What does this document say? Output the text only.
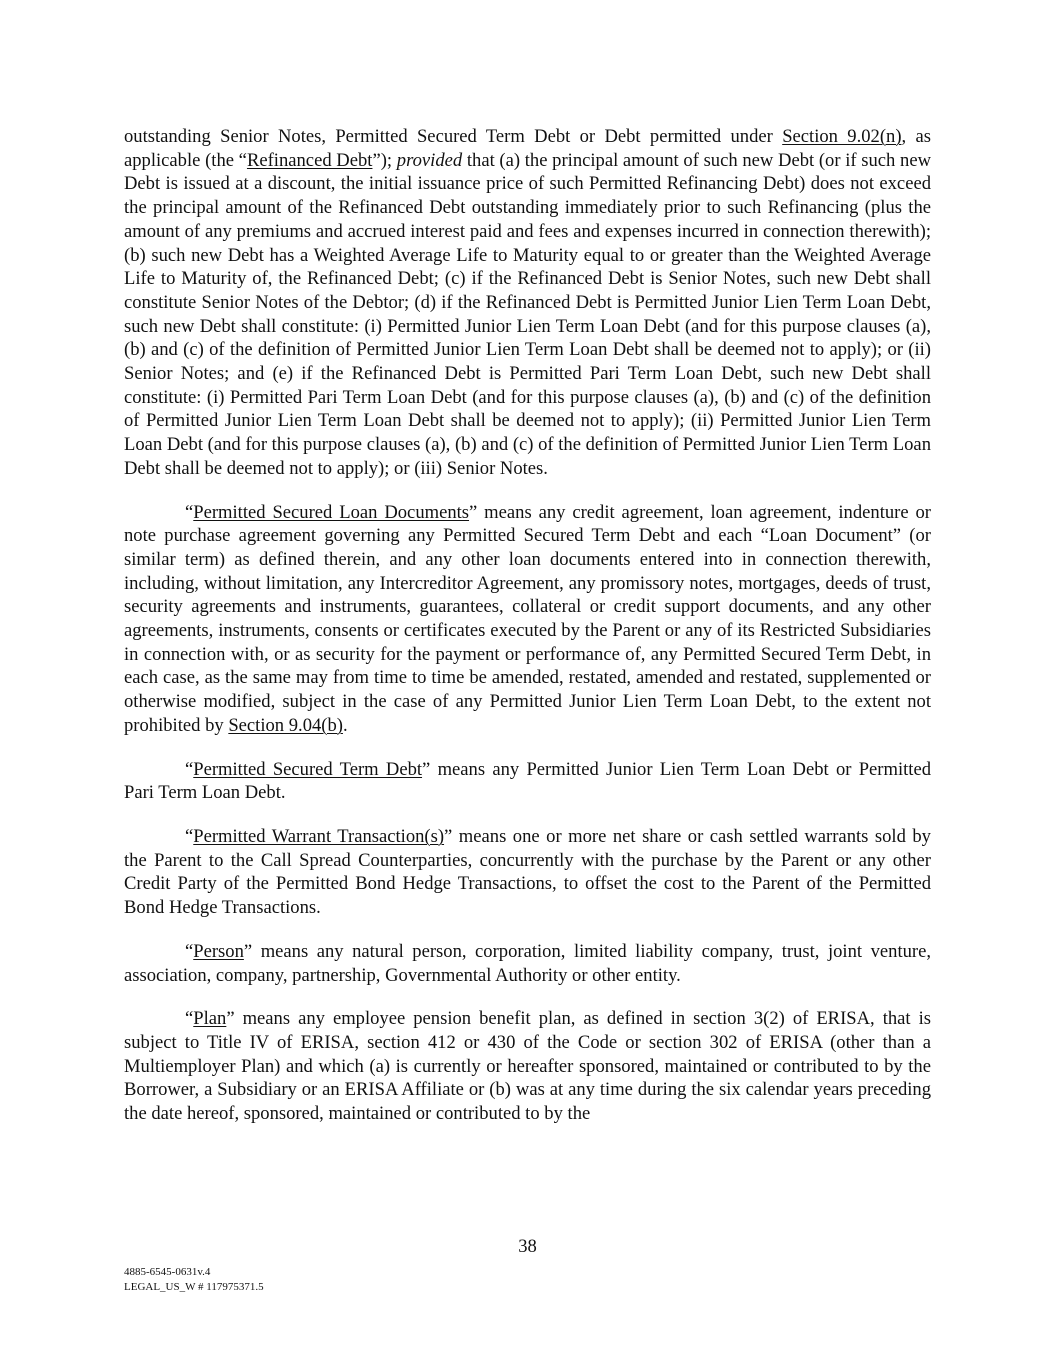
outstanding Senior Notes, Permitted Secured Term Debt or Debt permitted under Section 9.02(n), as applicable (the “Refinanced Debt”); provided that (a) the principal amount of such new Debt (or if such new Debt is issued at a discount, the initial issuance price of such Permitted Refinancing Debt) does not exceed the principal amount of the Refinanced Debt outstanding immediately prior to such Refinancing (plus the amount of any premiums and accrued interest paid and fees and expenses incurred in connection therewith); (b) such new Debt has a Weighted Average Life to Maturity equal to or greater than the Weighted Average Life to Maturity of, the Refinanced Debt; (c) if the Refinanced Debt is Senior Notes, such new Debt shall constitute Senior Notes of the Debtor; (d) if the Refinanced Debt is Permitted Junior Lien Term Loan Debt, such new Debt shall constitute: (i) Permitted Junior Lien Term Loan Debt (and for this purpose clauses (a), (b) and (c) of the definition of Permitted Junior Lien Term Loan Debt shall be deemed not to apply); or (ii) Senior Notes; and (e) if the Refinanced Debt is Permitted Pari Term Loan Debt, such new Debt shall constitute: (i) Permitted Pari Term Loan Debt (and for this purpose clauses (a), (b) and (c) of the definition of Permitted Junior Lien Term Loan Debt shall be deemed not to apply); (ii) Permitted Junior Lien Term Loan Debt (and for this purpose clauses (a), (b) and (c) of the definition of Permitted Junior Lien Term Loan Debt shall be deemed not to apply); or (iii) Senior Notes.

“Permitted Secured Loan Documents” means any credit agreement, loan agreement, indenture or note purchase agreement governing any Permitted Secured Term Debt and each “Loan Document” (or similar term) as defined therein, and any other loan documents entered into in connection therewith, including, without limitation, any Intercreditor Agreement, any promissory notes, mortgages, deeds of trust, security agreements and instruments, guarantees, collateral or credit support documents, and any other agreements, instruments, consents or certificates executed by the Parent or any of its Restricted Subsidiaries in connection with, or as security for the payment or performance of, any Permitted Secured Term Debt, in each case, as the same may from time to time be amended, restated, amended and restated, supplemented or otherwise modified, subject in the case of any Permitted Junior Lien Term Loan Debt, to the extent not prohibited by Section 9.04(b).

“Permitted Secured Term Debt” means any Permitted Junior Lien Term Loan Debt or Permitted Pari Term Loan Debt.

“Permitted Warrant Transaction(s)” means one or more net share or cash settled warrants sold by the Parent to the Call Spread Counterparties, concurrently with the purchase by the Parent or any other Credit Party of the Permitted Bond Hedge Transactions, to offset the cost to the Parent of the Permitted Bond Hedge Transactions.

“Person” means any natural person, corporation, limited liability company, trust, joint venture, association, company, partnership, Governmental Authority or other entity.

“Plan” means any employee pension benefit plan, as defined in section 3(2) of ERISA, that is subject to Title IV of ERISA, section 412 or 430 of the Code or section 302 of ERISA (other than a Multiemployer Plan) and which (a) is currently or hereafter sponsored, maintained or contributed to by the Borrower, a Subsidiary or an ERISA Affiliate or (b) was at any time during the six calendar years preceding the date hereof, sponsored, maintained or contributed to by the

38
4885-6545-0631v.4
LEGAL_US_W # 117975371.5
